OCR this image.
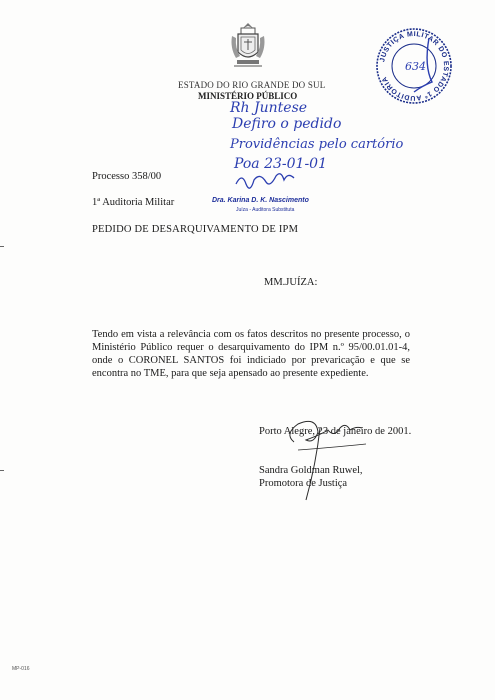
ESTADO DO RIO GRANDE DO SUL
MINISTÉRIO PÚBLICO
JUSTIÇA MILITAR DO ESTADO 1ª AUDITORIA
634
Rh Juntese
Defiro o pedido
Providências pelo cartório
Poa 23-01-01
Dra. Karina D. K. Nascimento
Juíza - Auditora Substituta
Processo 358/00
1ª Auditoria Militar
PEDIDO DE DESARQUIVAMENTO DE IPM
MM.JUÍZA:
Tendo em vista a relevância com os fatos descritos no presente processo, o Ministério Público requer o desarquivamento do IPM n.º 95/00.01.01-4, onde o CORONEL SANTOS foi indiciado por prevaricação e que se encontra no TME, para que seja apensado ao presente expediente.
Porto Alegre, 23 de janeiro de 2001.
Sandra Goldman Ruwel,
Promotora de Justiça
MP-016
